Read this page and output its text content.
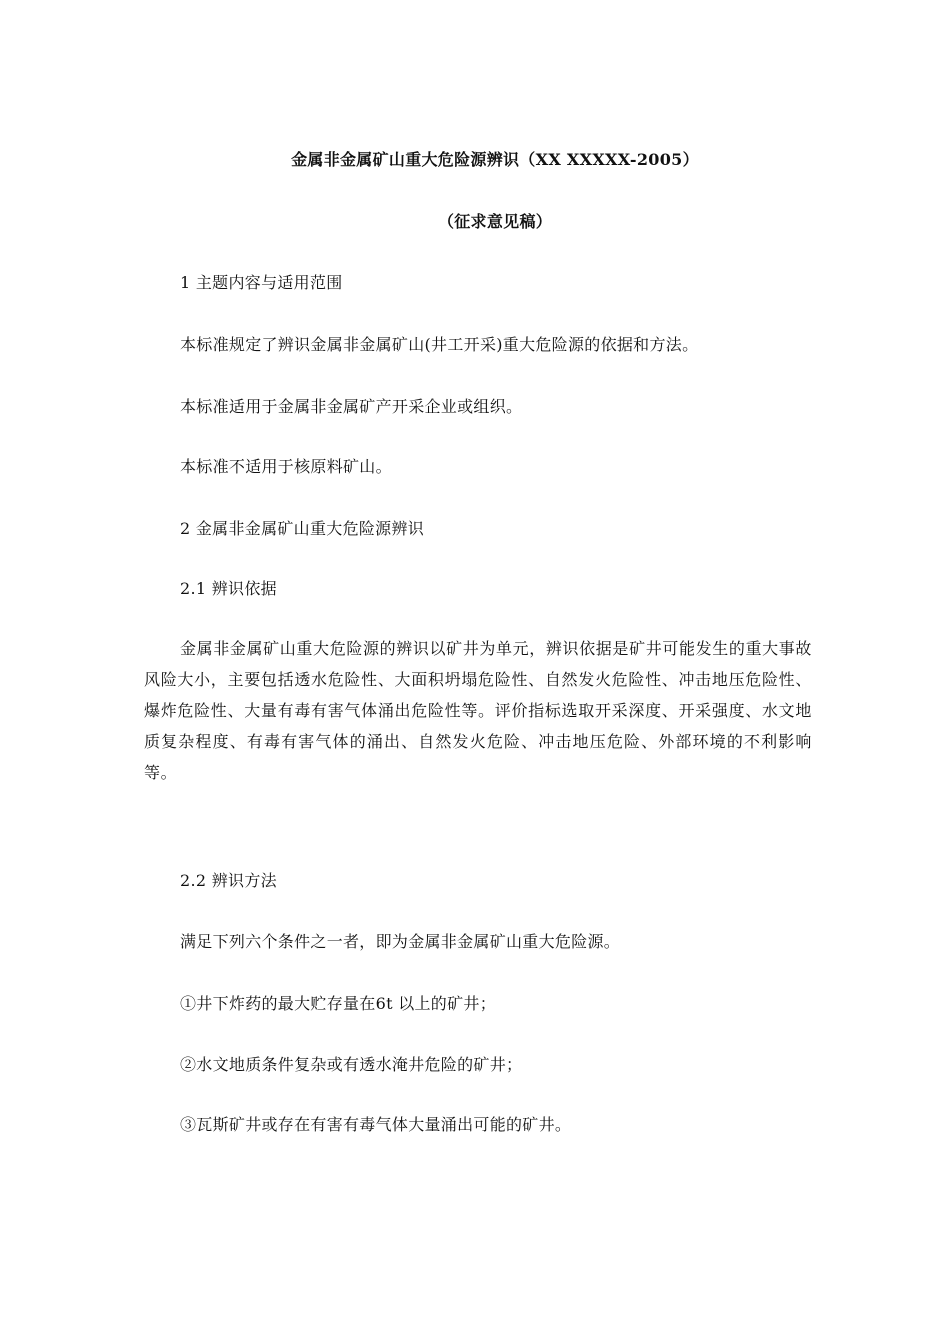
金属非金属矿山重大危险源辨识（XX XXXXX-2005）
（征求意见稿）
1 主题内容与适用范围
本标准规定了辨识金属非金属矿山(井工开采)重大危险源的依据和方法。
本标准适用于金属非金属矿产开采企业或组织。
本标准不适用于核原料矿山。
2 金属非金属矿山重大危险源辨识
2.1 辨识依据
金属非金属矿山重大危险源的辨识以矿井为单元，辨识依据是矿井可能发生的重大事故风险大小，主要包括透水危险性、大面积坍塌危险性、自然发火危险性、冲击地压危险性、爆炸危险性、大量有毒有害气体涌出危险性等。评价指标选取开采深度、开采强度、水文地质复杂程度、有毒有害气体的涌出、自然发火危险、冲击地压危险、外部环境的不利影响等。
2.2 辨识方法
满足下列六个条件之一者，即为金属非金属矿山重大危险源。
①井下炸药的最大贮存量在6t 以上的矿井；
②水文地质条件复杂或有透水淹井危险的矿井；
③瓦斯矿井或存在有害有毒气体大量涌出可能的矿井。
